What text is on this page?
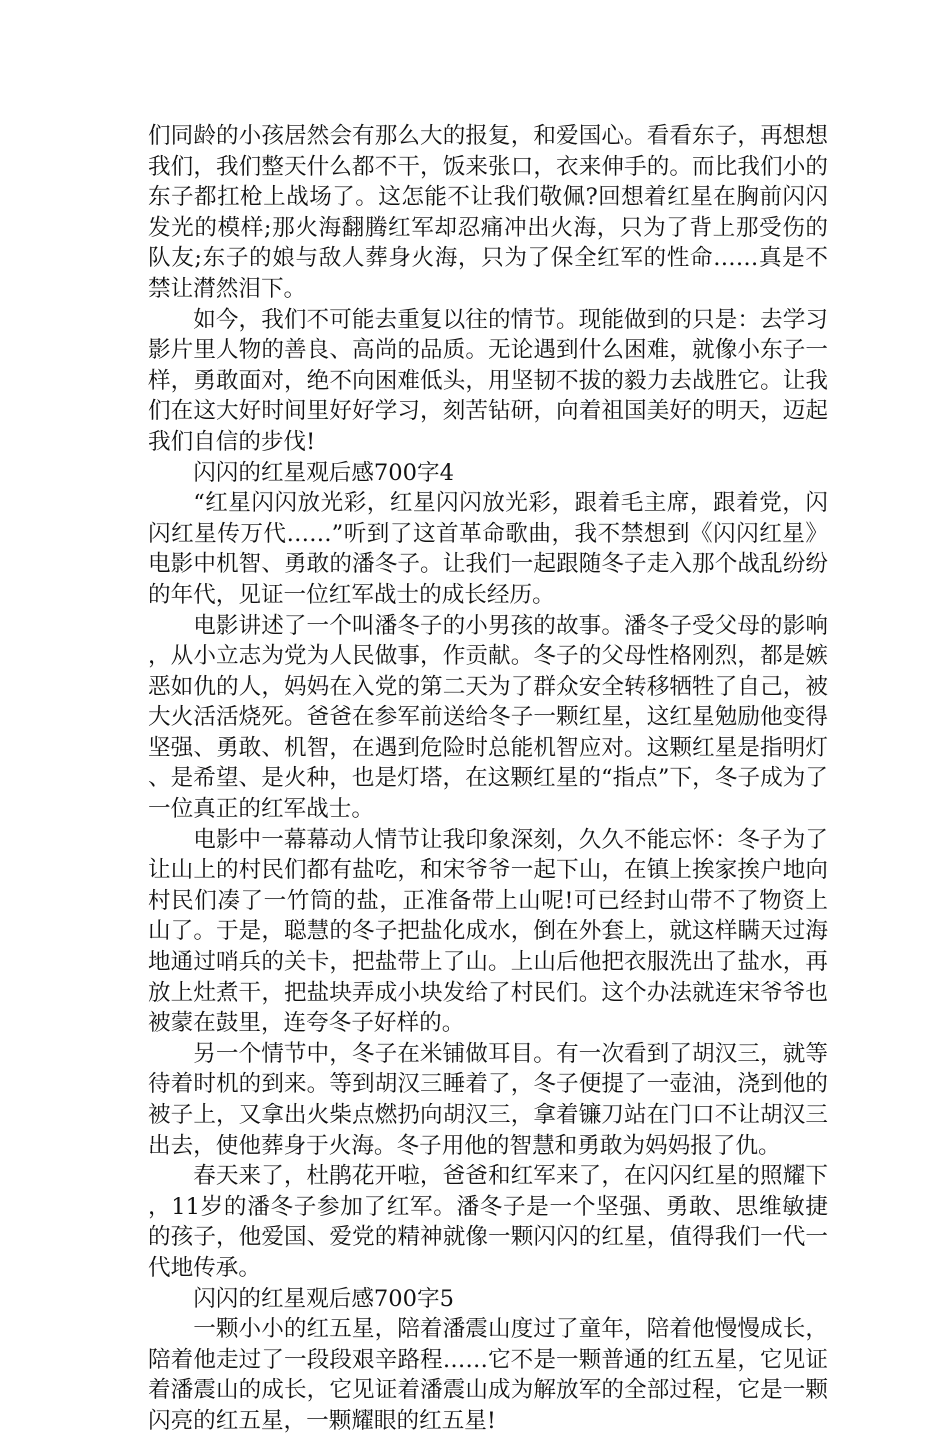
们同龄的小孩居然会有那么大的报复，和爱国心。看看东子，再想想我们，我们整天什么都不干，饭来张口，衣来伸手的。而比我们小的东子都扛枪上战场了。这怎能不让我们敬佩?回想着红星在胸前闪闪发光的模样;那火海翻腾红军却忍痛冲出火海，只为了背上那受伤的队友;东子的娘与敌人葬身火海，只为了保全红军的性命……真是不禁让潸然泪下。

如今，我们不可能去重复以往的情节。现能做到的只是：去学习影片里人物的善良、高尚的品质。无论遇到什么困难，就像小东子一样，勇敢面对，绝不向困难低头，用坚韧不拔的毅力去战胜它。让我们在这大好时间里好好学习，刻苦钻研，向着祖国美好的明天，迈起我们自信的步伐!

闪闪的红星观后感700字4

“红星闪闪放光彩，红星闪闪放光彩，跟着毛主席，跟着党，闪闪红星传万代……”听到了这首革命歌曲，我不禁想到《闪闪红星》电影中机智、勇敢的潘冬子。让我们一起跟随冬子走入那个战乱纷纷的年代，见证一位红军战士的成长经历。

电影讲述了一个叫潘冬子的小男孩的故事。潘冬子受父母的影响，从小立志为党为人民做事，作贡献。冬子的父母性格刚烈，都是嫉恶如仇的人，妈妈在入党的第二天为了群众安全转移牺牲了自己，被大火活活烧死。爸爸在参军前送给冬子一颗红星，这红星勉励他变得坚强、勇敢、机智，在遇到危险时总能机智应对。这颗红星是指明灯、是希望、是火种，也是灯塔，在这颗红星的“指点”下，冬子成为了一位真正的红军战士。

电影中一幕幕动人情节让我印象深刻，久久不能忘怀：冬子为了让山上的村民们都有盐吃，和宋爷爷一起下山，在镇上挨家挨户地向村民们凑了一竹筒的盐，正准备带上山呢!可已经封山带不了物资上山了。于是，聪慧的冬子把盐化成水，倒在外套上，就这样瞒天过海地通过哨兵的关卡，把盐带上了山。上山后他把衣服洗出了盐水，再放上灶煮干，把盐块弄成小块发给了村民们。这个办法就连宋爷爷也被蒙在鼓里，连夸冬子好样的。

另一个情节中，冬子在米铺做耳目。有一次看到了胡汉三，就等待着时机的到来。等到胡汉三睡着了，冬子便提了一壶油，浇到他的被子上，又拿出火柴点燃扔向胡汉三，拿着镰刀站在门口不让胡汉三出去，使他葬身于火海。冬子用他的智慧和勇敢为妈妈报了仇。

春天来了，杜鹃花开啦，爸爸和红军来了，在闪闪红星的照耀下，11岁的潘冬子参加了红军。潘冬子是一个坚强、勇敢、思维敏捷的孩子，他爱国、爱党的精神就像一颗闪闪的红星，值得我们一代一代地传承。

闪闪的红星观后感700字5

一颗小小的红五星，陪着潘震山度过了童年，陪着他慢慢成长，陪着他走过了一段段艰辛路程……它不是一颗普通的红五星，它见证着潘震山的成长，它见证着潘震山成为解放军的全部过程，它是一颗闪亮的红五星，一颗耀眼的红五星!
